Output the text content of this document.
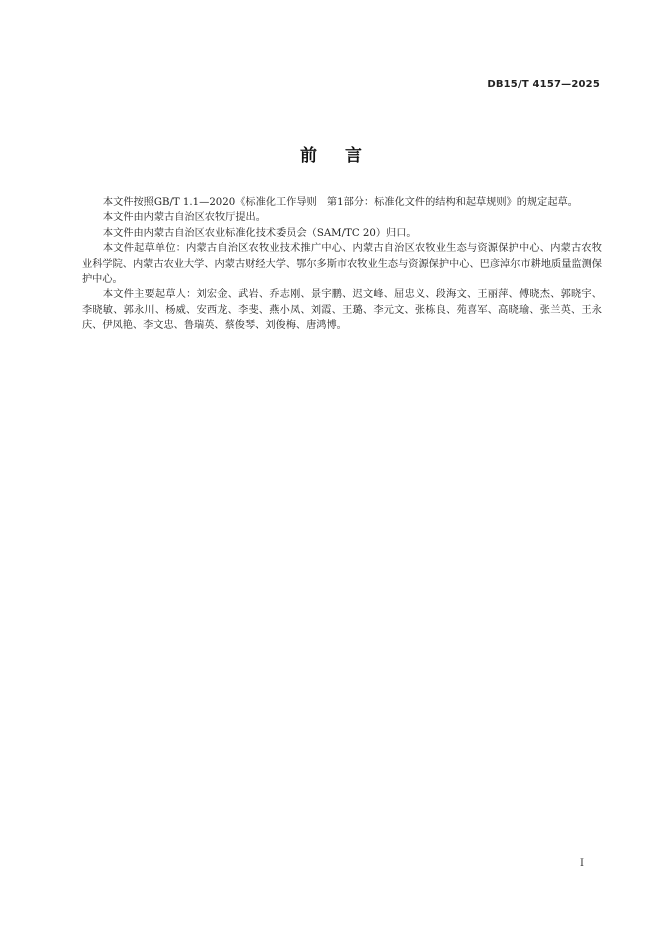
DB15/T 4157—2025
前 言

本文件按照GB/T 1.1—2020《标准化工作导则　第1部分：标准化文件的结构和起草规则》的规定起草。

本文件由内蒙古自治区农牧厅提出。

本文件由内蒙古自治区农业标准化技术委员会（SAM/TC 20）归口。

本文件起草单位：内蒙古自治区农牧业技术推广中心、内蒙古自治区农牧业生态与资源保护中心、内蒙古农牧业科学院、内蒙古农业大学、内蒙古财经大学、鄂尔多斯市农牧业生态与资源保护中心、巴彦淖尔市耕地质量监测保护中心。

本文件主要起草人：刘宏金、武岩、乔志刚、景宇鹏、迟文峰、屈忠义、段海文、王丽萍、傅晓杰、郭晓宇、李晓敏、郭永川、杨威、安西龙、李斐、燕小凤、刘霞、王璐、李元文、张栋良、苑喜军、高晓瑜、张兰英、王永庆、伊凤艳、李文忠、鲁瑞英、蔡俊琴、刘俊梅、唐鸿博。

I
